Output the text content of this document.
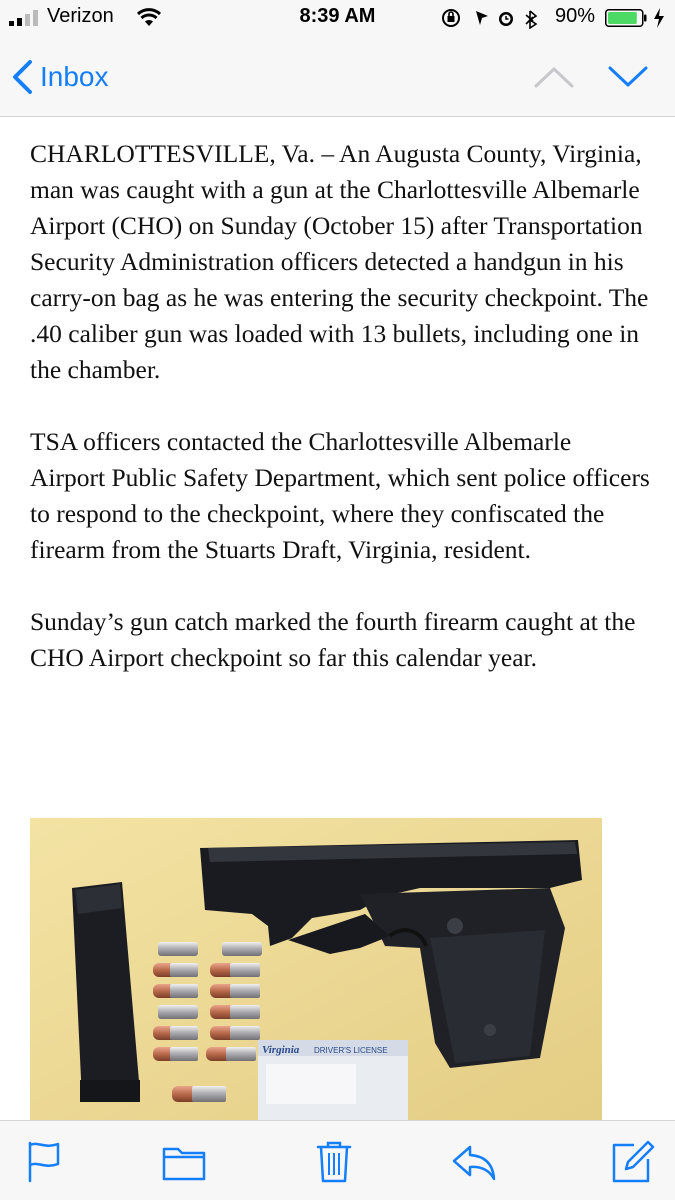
Verizon	8:39 AM	90%
Inbox

CHARLOTTESVILLE, Va. – An Augusta County, Virginia, man was caught with a gun at the Charlottesville Albemarle Airport (CHO) on Sunday (October 15) after Transportation Security Administration officers detected a handgun in his carry-on bag as he was entering the security checkpoint. The .40 caliber gun was loaded with 13 bullets, including one in the chamber.

TSA officers contacted the Charlottesville Albemarle Airport Public Safety Department, which sent police officers to respond to the checkpoint, where they confiscated the firearm from the Stuarts Draft, Virginia, resident.

Sunday’s gun catch marked the fourth firearm caught at the CHO Airport checkpoint so far this calendar year.

Virginia DRIVER'S LICENSE
